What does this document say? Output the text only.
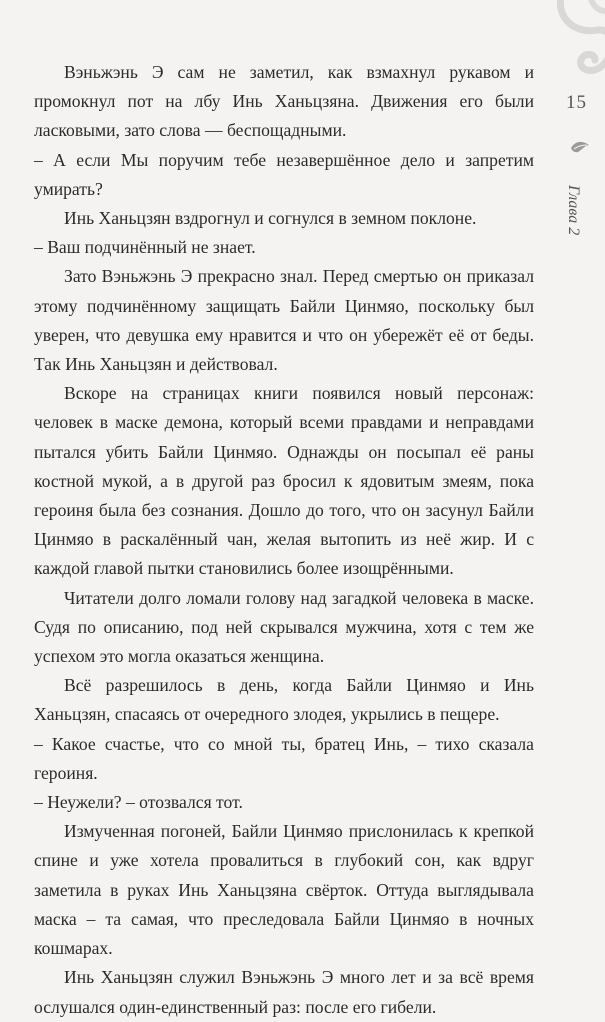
15
Глава 2

Вэньжэнь Э сам не заметил, как взмахнул рукавом и промокнул пот на лбу Инь Ханьцзяна. Движения его были ласковыми, зато слова — беспощадными.

– А если Мы поручим тебе незавершённое дело и запретим умирать?

Инь Ханьцзян вздрогнул и согнулся в земном поклоне.

– Ваш подчинённый не знает.

Зато Вэньжэнь Э прекрасно знал. Перед смертью он приказал этому подчинённому защищать Байли Цинмяо, поскольку был уверен, что девушка ему нравится и что он убережёт её от беды. Так Инь Ханьцзян и действовал.

Вскоре на страницах книги появился новый персонаж: человек в маске демона, который всеми правдами и неправдами пытался убить Байли Цинмяо. Однажды он посыпал её раны костной мукой, а в другой раз бросил к ядовитым змеям, пока героиня была без сознания. Дошло до того, что он засунул Байли Цинмяо в раскалённый чан, желая вытопить из неё жир. И с каждой главой пытки становились более изощрёнными.

Читатели долго ломали голову над загадкой человека в маске. Судя по описанию, под ней скрывался мужчина, хотя с тем же успехом это могла оказаться женщина.

Всё разрешилось в день, когда Байли Цинмяо и Инь Ханьцзян, спасаясь от очередного злодея, укрылись в пещере.

– Какое счастье, что со мной ты, братец Инь, – тихо сказала героиня.

– Неужели? – отозвался тот.

Измученная погоней, Байли Цинмяо прислонилась к крепкой спине и уже хотела провалиться в глубокий сон, как вдруг заметила в руках Инь Ханьцзяна свёрток. Оттуда выглядывала маска – та самая, что преследовала Байли Цинмяо в ночных кошмарах.

Инь Ханьцзян служил Вэньжэнь Э много лет и за всё время ослушался один-единственный раз: после его гибели.
